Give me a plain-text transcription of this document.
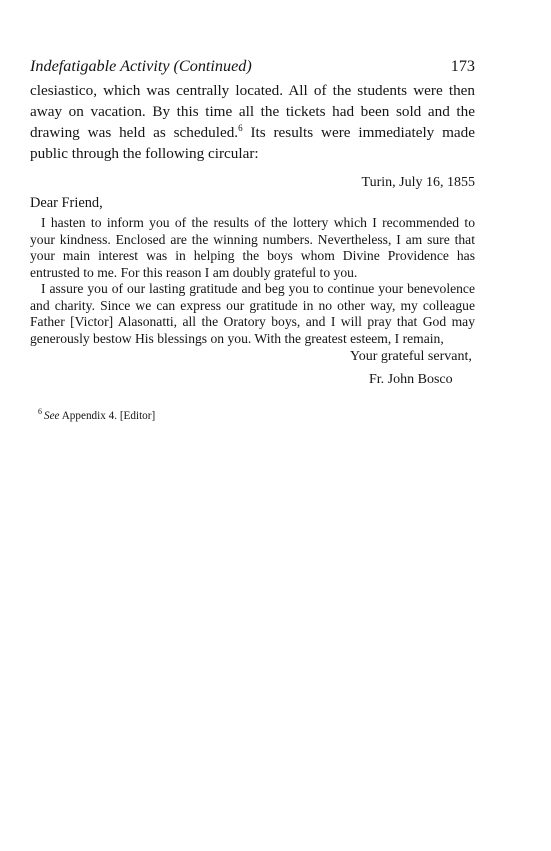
Indefatigable Activity (Continued)	173

clesiastico, which was centrally located. All of the students were then away on vacation. By this time all the tickets had been sold and the drawing was held as scheduled.$^6$ Its results were immediately made public through the following circular:

Turin, July 16, 1855

Dear Friend,

I hasten to inform you of the results of the lottery which I recommended to your kindness. Enclosed are the winning numbers. Nevertheless, I am sure that your main interest was in helping the boys whom Divine Providence has entrusted to me. For this reason I am doubly grateful to you.

I assure you of our lasting gratitude and beg you to continue your benevolence and charity. Since we can express our gratitude in no other way, my colleague Father [Victor] Alasonatti, all the Oratory boys, and I will pray that God may generously bestow His blessings on you. With the greatest esteem, I remain,

Your grateful servant,

Fr. John Bosco

$^6$ See Appendix 4. [Editor]
